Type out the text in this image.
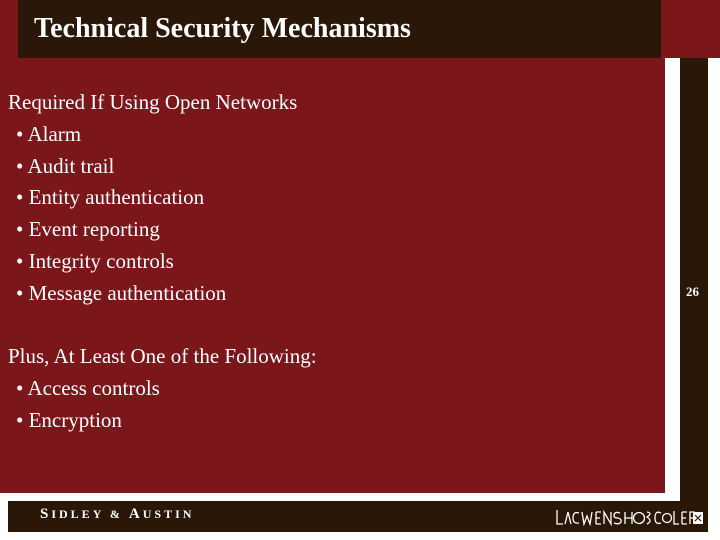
Technical Security Mechanisms
26
Required If Using Open Networks
• Alarm
• Audit trail
• Entity authentication
• Event reporting
• Integrity controls
• Message authentication
Plus, At Least One of the Following:
• Access controls
• Encryption
SIDLEY & AUSTIN
